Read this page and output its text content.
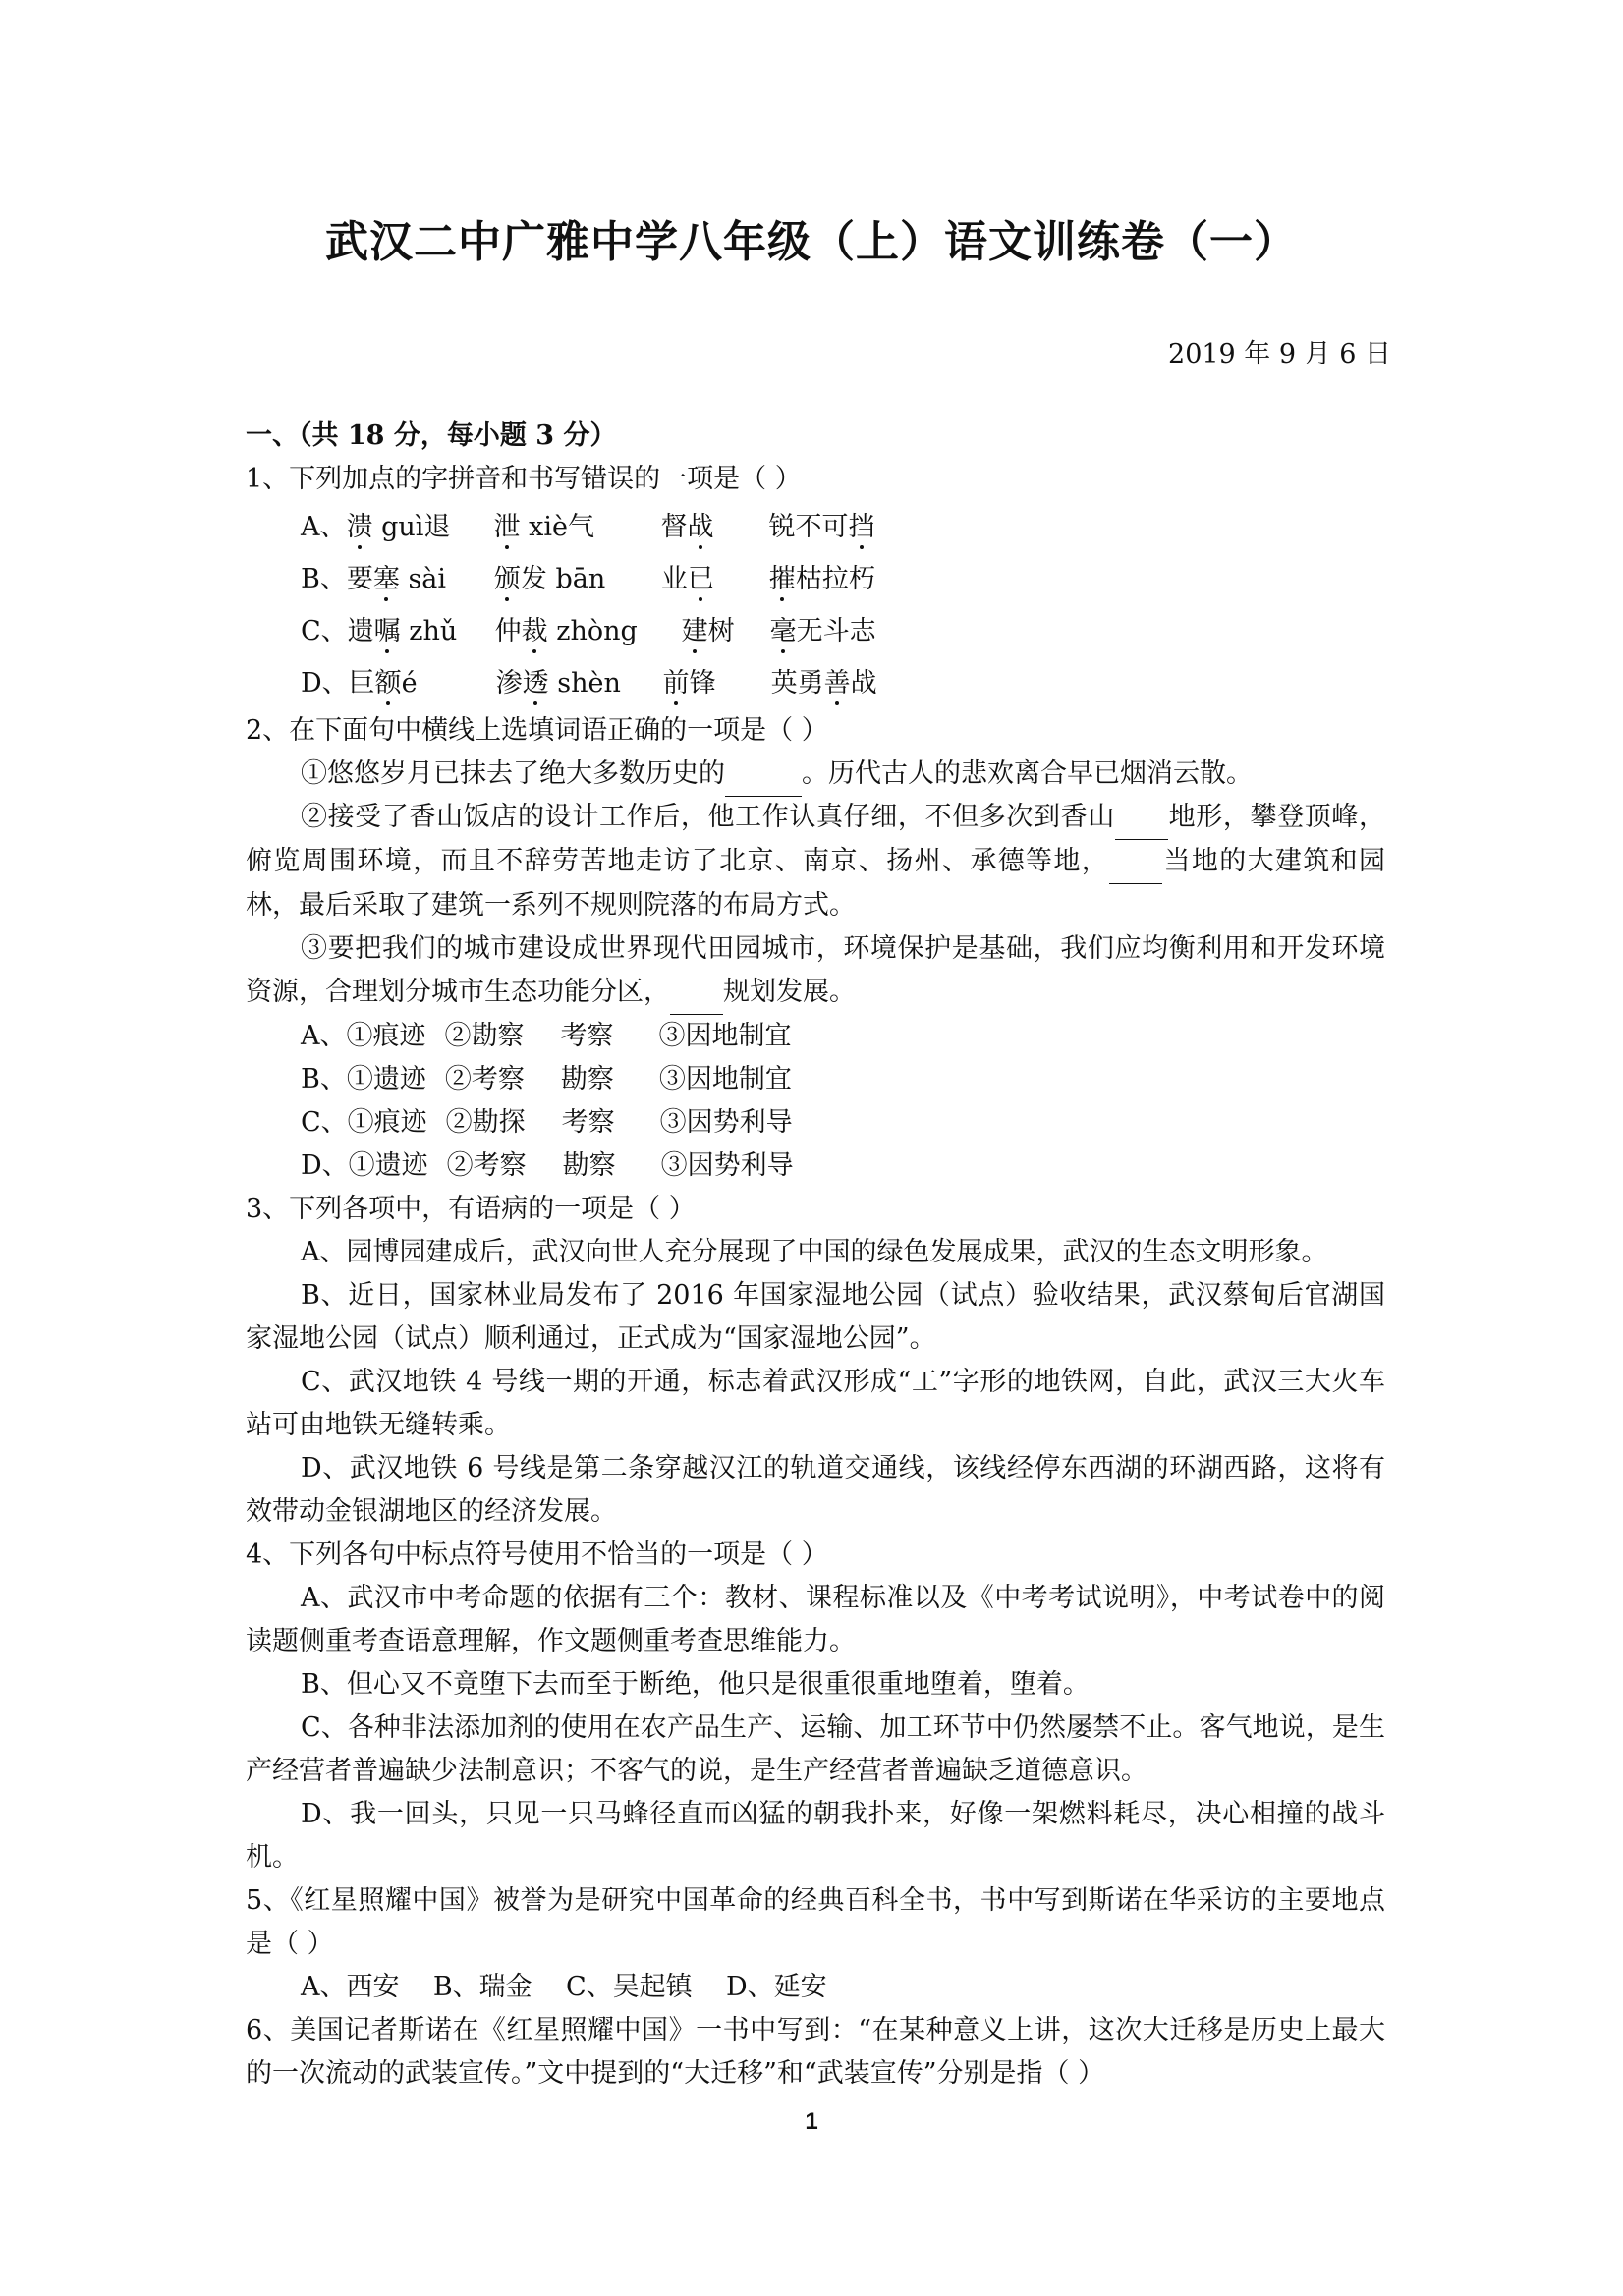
武汉二中广雅中学八年级（上）语文训练卷（一）
2019 年 9 月 6 日
一、（共 18 分，每小题 3 分）
1、下列加点的字拼音和书写错误的一项是（ ）
A、溃 guì退 泄 xiè气	督战 锐不可挡
B、要塞 sài 颁发 bān 业已 摧枯拉朽
C、遗嘱 zhǔ 仲裁 zhòng 建树 毫无斗志
D、巨额é	渗透 shèn 前锋 英勇善战
2、在下面句中横线上选填词语正确的一项是（ ）
①悠悠岁月已抹去了绝大多数历史的	。历代古人的悲欢离合早已烟消云散。
②接受了香山饭店的设计工作后，他工作认真仔细，不但多次到香山 地形，攀登顶峰，俯览周围环境，而且不辞劳苦地走访了北京、南京、扬州、承德等地， 当地的大建筑和园林，最后采取了建筑一系列不规则院落的布局方式。
③要把我们的城市建设成世界现代田园城市，环境保护是基础，我们应均衡利用和开发环境资源，合理划分城市生态功能分区， 规划发展。
A、①痕迹 ②勘察 考察 ③因地制宜
B、①遗迹 ②考察 勘察 ③因地制宜
C、①痕迹 ②勘探 考察 ③因势利导
D、①遗迹 ②考察 勘察 ③因势利导
3、下列各项中，有语病的一项是（ ）
A、园博园建成后，武汉向世人充分展现了中国的绿色发展成果，武汉的生态文明形象。
B、近日，国家林业局发布了 2016 年国家湿地公园（试点）验收结果，武汉蔡甸后官湖国家湿地公园（试点）顺利通过，正式成为“国家湿地公园”。
C、武汉地铁 4 号线一期的开通，标志着武汉形成“工”字形的地铁网，自此，武汉三大火车站可由地铁无缝转乘。
D、武汉地铁 6 号线是第二条穿越汉江的轨道交通线，该线经停东西湖的环湖西路，这将有效带动金银湖地区的经济发展。
4、下列各句中标点符号使用不恰当的一项是（ ）
A、武汉市中考命题的依据有三个：教材、课程标准以及《中考考试说明》，中考试卷中的阅读题侧重考查语意理解，作文题侧重考查思维能力。
B、但心又不竟堕下去而至于断绝，他只是很重很重地堕着，堕着。
C、各种非法添加剂的使用在农产品生产、运输、加工环节中仍然屡禁不止。客气地说，是生产经营者普遍缺少法制意识；不客气的说，是生产经营者普遍缺乏道德意识。
D、我一回头，只见一只马蜂径直而凶猛的朝我扑来，好像一架燃料耗尽，决心相撞的战斗机。
5、《红星照耀中国》被誉为是研究中国革命的经典百科全书，书中写到斯诺在华采访的主要地点是（ ）
A、西安    B、瑞金    C、吴起镇    D、延安
6、美国记者斯诺在《红星照耀中国》一书中写到：“在某种意义上讲，这次大迁移是历史上最大的一次流动的武装宣传。”文中提到的“大迁移”和“武装宣传”分别是指（ ）
1
